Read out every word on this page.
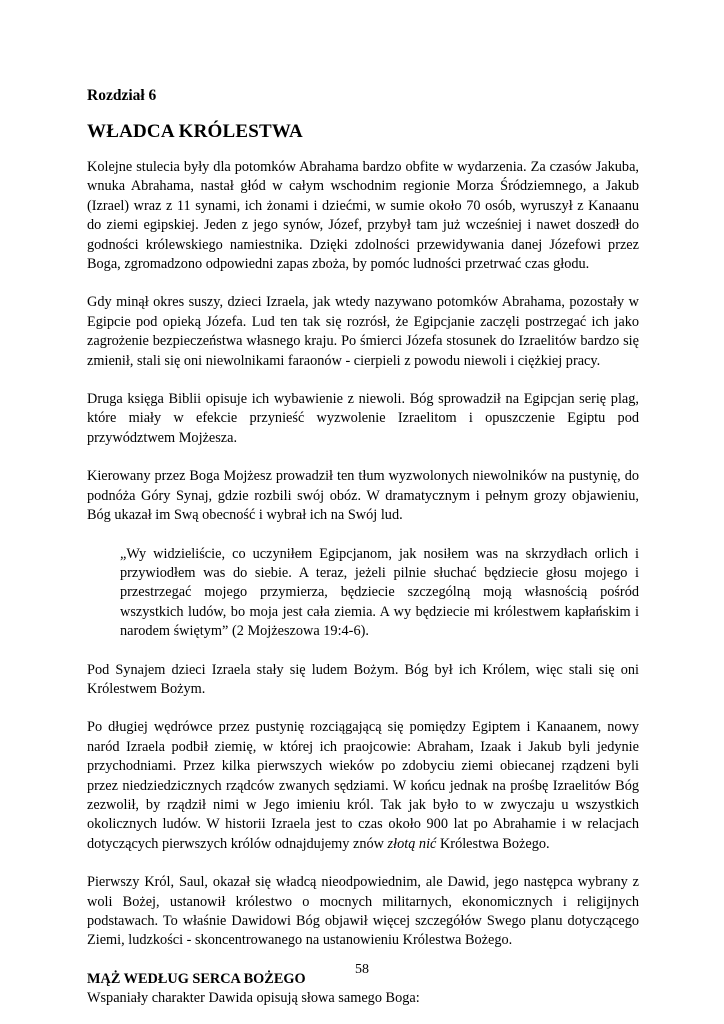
Rozdział 6
WŁADCA KRÓLESTWA

Kolejne stulecia były dla potomków Abrahama bardzo obfite w wydarzenia. Za czasów Jakuba, wnuka Abrahama, nastał głód w całym wschodnim regionie Morza Śródziemnego, a Jakub (Izrael) wraz z 11 synami, ich żonami i dziećmi, w sumie około 70 osób, wyruszył z Kanaanu do ziemi egipskiej. Jeden z jego synów, Józef, przybył tam już wcześniej i nawet doszedł do godności królewskiego namiestnika. Dzięki zdolności przewidywania danej Józefowi przez Boga, zgromadzono odpowiedni zapas zboża, by pomóc ludności przetrwać czas głodu.

Gdy minął okres suszy, dzieci Izraela, jak wtedy nazywano potomków Abrahama, pozostały w Egipcie pod opieką Józefa. Lud ten tak się rozrósł, że Egipcjanie zaczęli postrzegać ich jako zagrożenie bezpieczeństwa własnego kraju. Po śmierci Józefa stosunek do Izraelitów bardzo się zmienił, stali się oni niewolnikami faraonów - cierpieli z powodu niewoli i ciężkiej pracy.

Druga księga Biblii opisuje ich wybawienie z niewoli. Bóg sprowadził na Egipcjan serię plag, które miały w efekcie przynieść wyzwolenie Izraelitom i opuszczenie Egiptu pod przywództwem Mojżesza.

Kierowany przez Boga Mojżesz prowadził ten tłum wyzwolonych niewolników na pustynię, do podnóża Góry Synaj, gdzie rozbili swój obóz. W dramatycznym i pełnym grozy objawieniu, Bóg ukazał im Swą obecność i wybrał ich na Swój lud.

„Wy widzieliście, co uczyniłem Egipcjanom, jak nosiłem was na skrzydłach orlich i przywiodłem was do siebie. A teraz, jeżeli pilnie słuchać będziecie głosu mojego i przestrzegać mojego przymierza, będziecie szczególną moją własnością pośród wszystkich ludów, bo moja jest cała ziemia. A wy będziecie mi królestwem kapłańskim i narodem świętym” (2 Mojżeszowa 19:4-6).

Pod Synajem dzieci Izraela stały się ludem Bożym. Bóg był ich Królem, więc stali się oni Królestwem Bożym.

Po długiej wędrówce przez pustynię rozciągającą się pomiędzy Egiptem i Kanaanem, nowy naród Izraela podbił ziemię, w której ich praojcowie: Abraham, Izaak i Jakub byli jedynie przychodniami. Przez kilka pierwszych wieków po zdobyciu ziemi obiecanej rządzeni byli przez niedziedzicznych rządców zwanych sędziami. W końcu jednak na prośbę Izraelitów Bóg zezwolił, by rządził nimi w Jego imieniu król. Tak jak było to w zwyczaju u wszystkich okolicznych ludów. W historii Izraela jest to czas około 900 lat po Abrahamie i w relacjach dotyczących pierwszych królów odnajdujemy znów złotą nić Królestwa Bożego.

Pierwszy Król, Saul, okazał się władcą nieodpowiednim, ale Dawid, jego następca wybrany z woli Bożej, ustanowił królestwo o mocnych militarnych, ekonomicznych i religijnych podstawach. To właśnie Dawidowi Bóg objawił więcej szczegółów Swego planu dotyczącego Ziemi, ludzkości - skoncentrowanego na ustanowieniu Królestwa Bożego.

MĄŻ WEDŁUG SERCA BOŻEGO

Wspaniały charakter Dawida opisują słowa samego Boga:

58
